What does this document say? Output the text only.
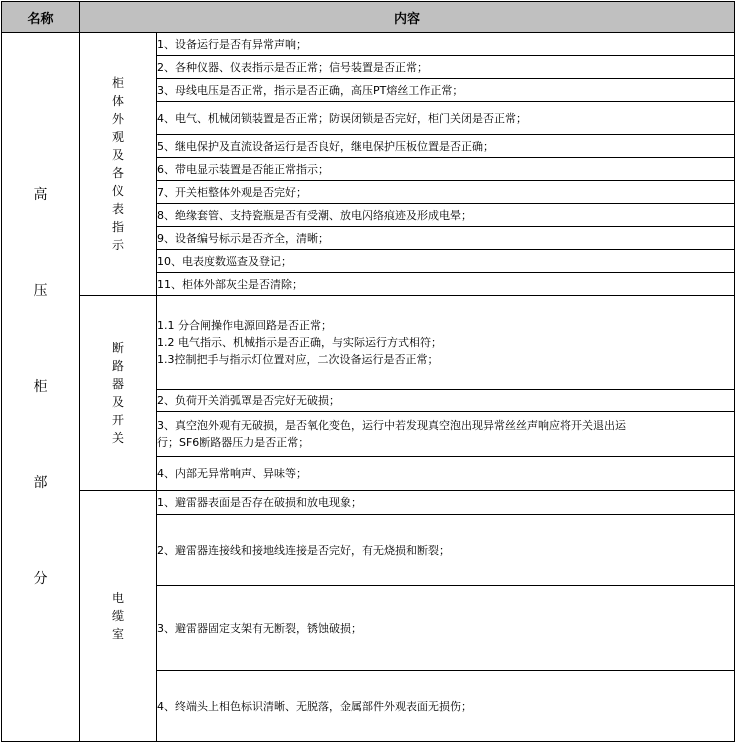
名称	内容	
高压柜部分	柜体外观及各仪表指示	1、设备运行是否有异常声响；

		2、各种仪器、仪表指示是否正常；信号装置是否正常；

		3、母线电压是否正常，指示是否正确，高压PT熔丝工作正常；

		4、电气、机械闭锁装置是否正常；防误闭锁是否完好，柜门关闭是否正常；

		5、继电保护及直流设备运行是否良好，继电保护压板位置是否正确；

		6、带电显示装置是否能正常指示；

		7、开关柜整体外观是否完好；

		8、绝缘套管、支持瓷瓶是否有受潮、放电闪络痕迹及形成电晕；

		9、设备编号标示是否齐全，清晰；

		10、电表度数巡查及登记；

		11、柜体外部灰尘是否清除；

	断路器及开关	1.1 分合闸操作电源回路是否正常；
1.2 电气指示、机械指示是否正确，与实际运行方式相符；
1.3控制把手与指示灯位置对应，二次设备运行是否正常；

		2、负荷开关消弧罩是否完好无破损；

		3、真空泡外观有无破损，是否氧化变色，运行中若发现真空泡出现异常丝丝声响应将开关退出运
行；SF6断路器压力是否正常；

		4、内部无异常响声、异味等；

	电缆室	1、避雷器表面是否存在破损和放电现象；

		2、避雷器连接线和接地线连接是否完好，有无烧损和断裂；

		3、避雷器固定支架有无断裂，锈蚀破损；

		4、终端头上相色标识清晰、无脱落，金属部件外观表面无损伤；
